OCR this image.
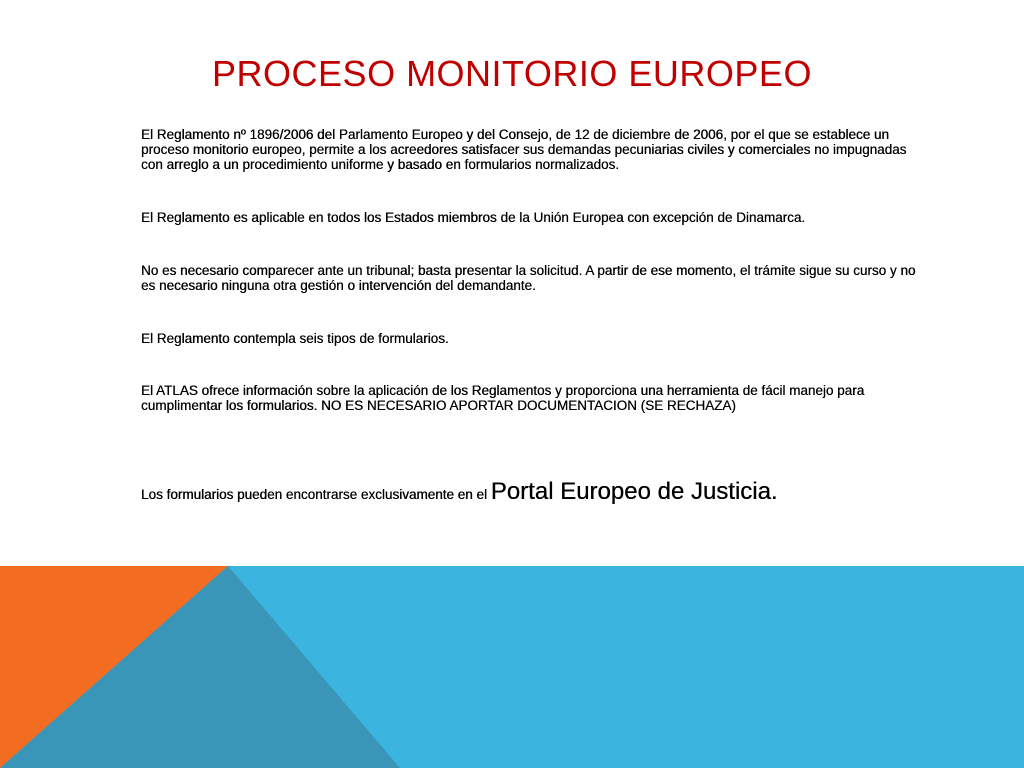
PROCESO MONITORIO EUROPEO
El Reglamento nº 1896/2006 del Parlamento Europeo y del Consejo, de 12 de diciembre de 2006, por el que se establece un proceso monitorio europeo, permite a los acreedores satisfacer sus demandas pecuniarias civiles y comerciales no impugnadas con arreglo a un procedimiento uniforme y basado en formularios normalizados.
El Reglamento es aplicable en todos los Estados miembros de la Unión Europea con excepción de Dinamarca.
No es necesario comparecer ante un tribunal; basta presentar la solicitud. A partir de ese momento, el trámite sigue su curso y no es necesario ninguna otra gestión o intervención del demandante.
El Reglamento contempla seis tipos de formularios.
El ATLAS ofrece información sobre la aplicación de los Reglamentos y proporciona una herramienta de fácil manejo para cumplimentar los formularios. NO ES NECESARIO APORTAR DOCUMENTACION (SE RECHAZA)
Los formularios pueden encontrarse exclusivamente en el Portal Europeo de Justicia.
